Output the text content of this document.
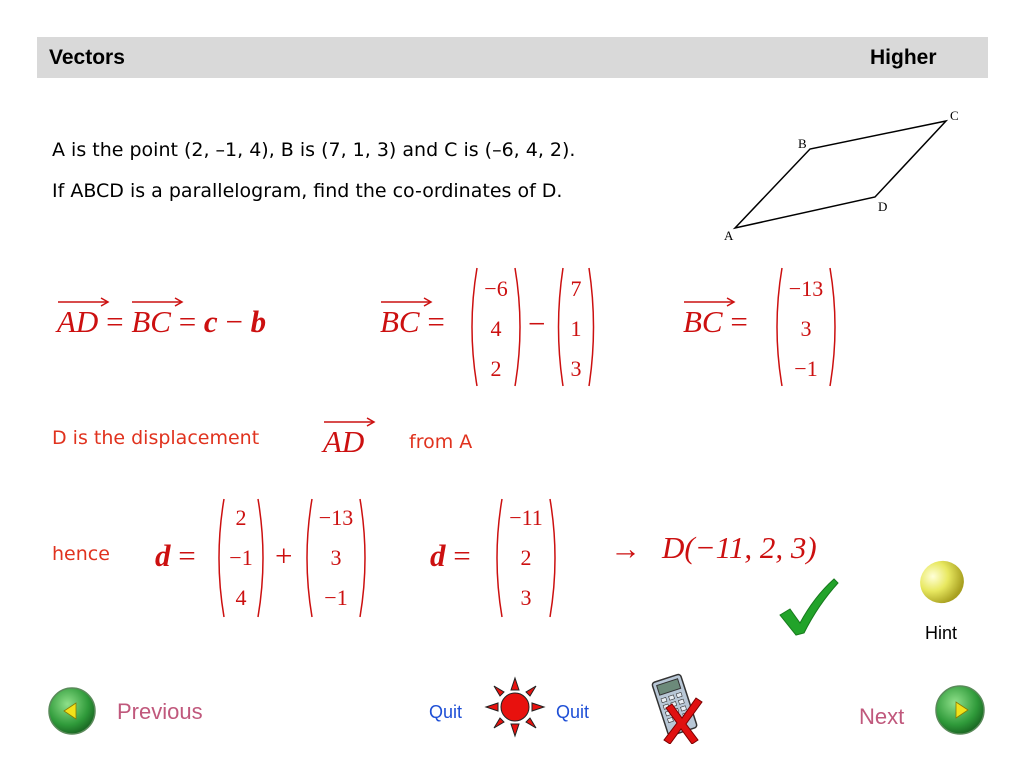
Vectors	Higher
A is the point (2, –1, 4), B is (7, 1, 3) and C is (–6, 4, 2).
If ABCD is a parallelogram, find the co-ordinates of D.
A
B
C
D
AD =
BC = c − b	BC =
−6
4
2
−
7
1
3
BC =
−13
3
−1
D is the displacement AD from A
hence d =
2
−1
4
+
−13
3
−1
d =
−11
2
3
→ D(−11, 2, 3)
Hint
Previous	Quit	Quit	Next
